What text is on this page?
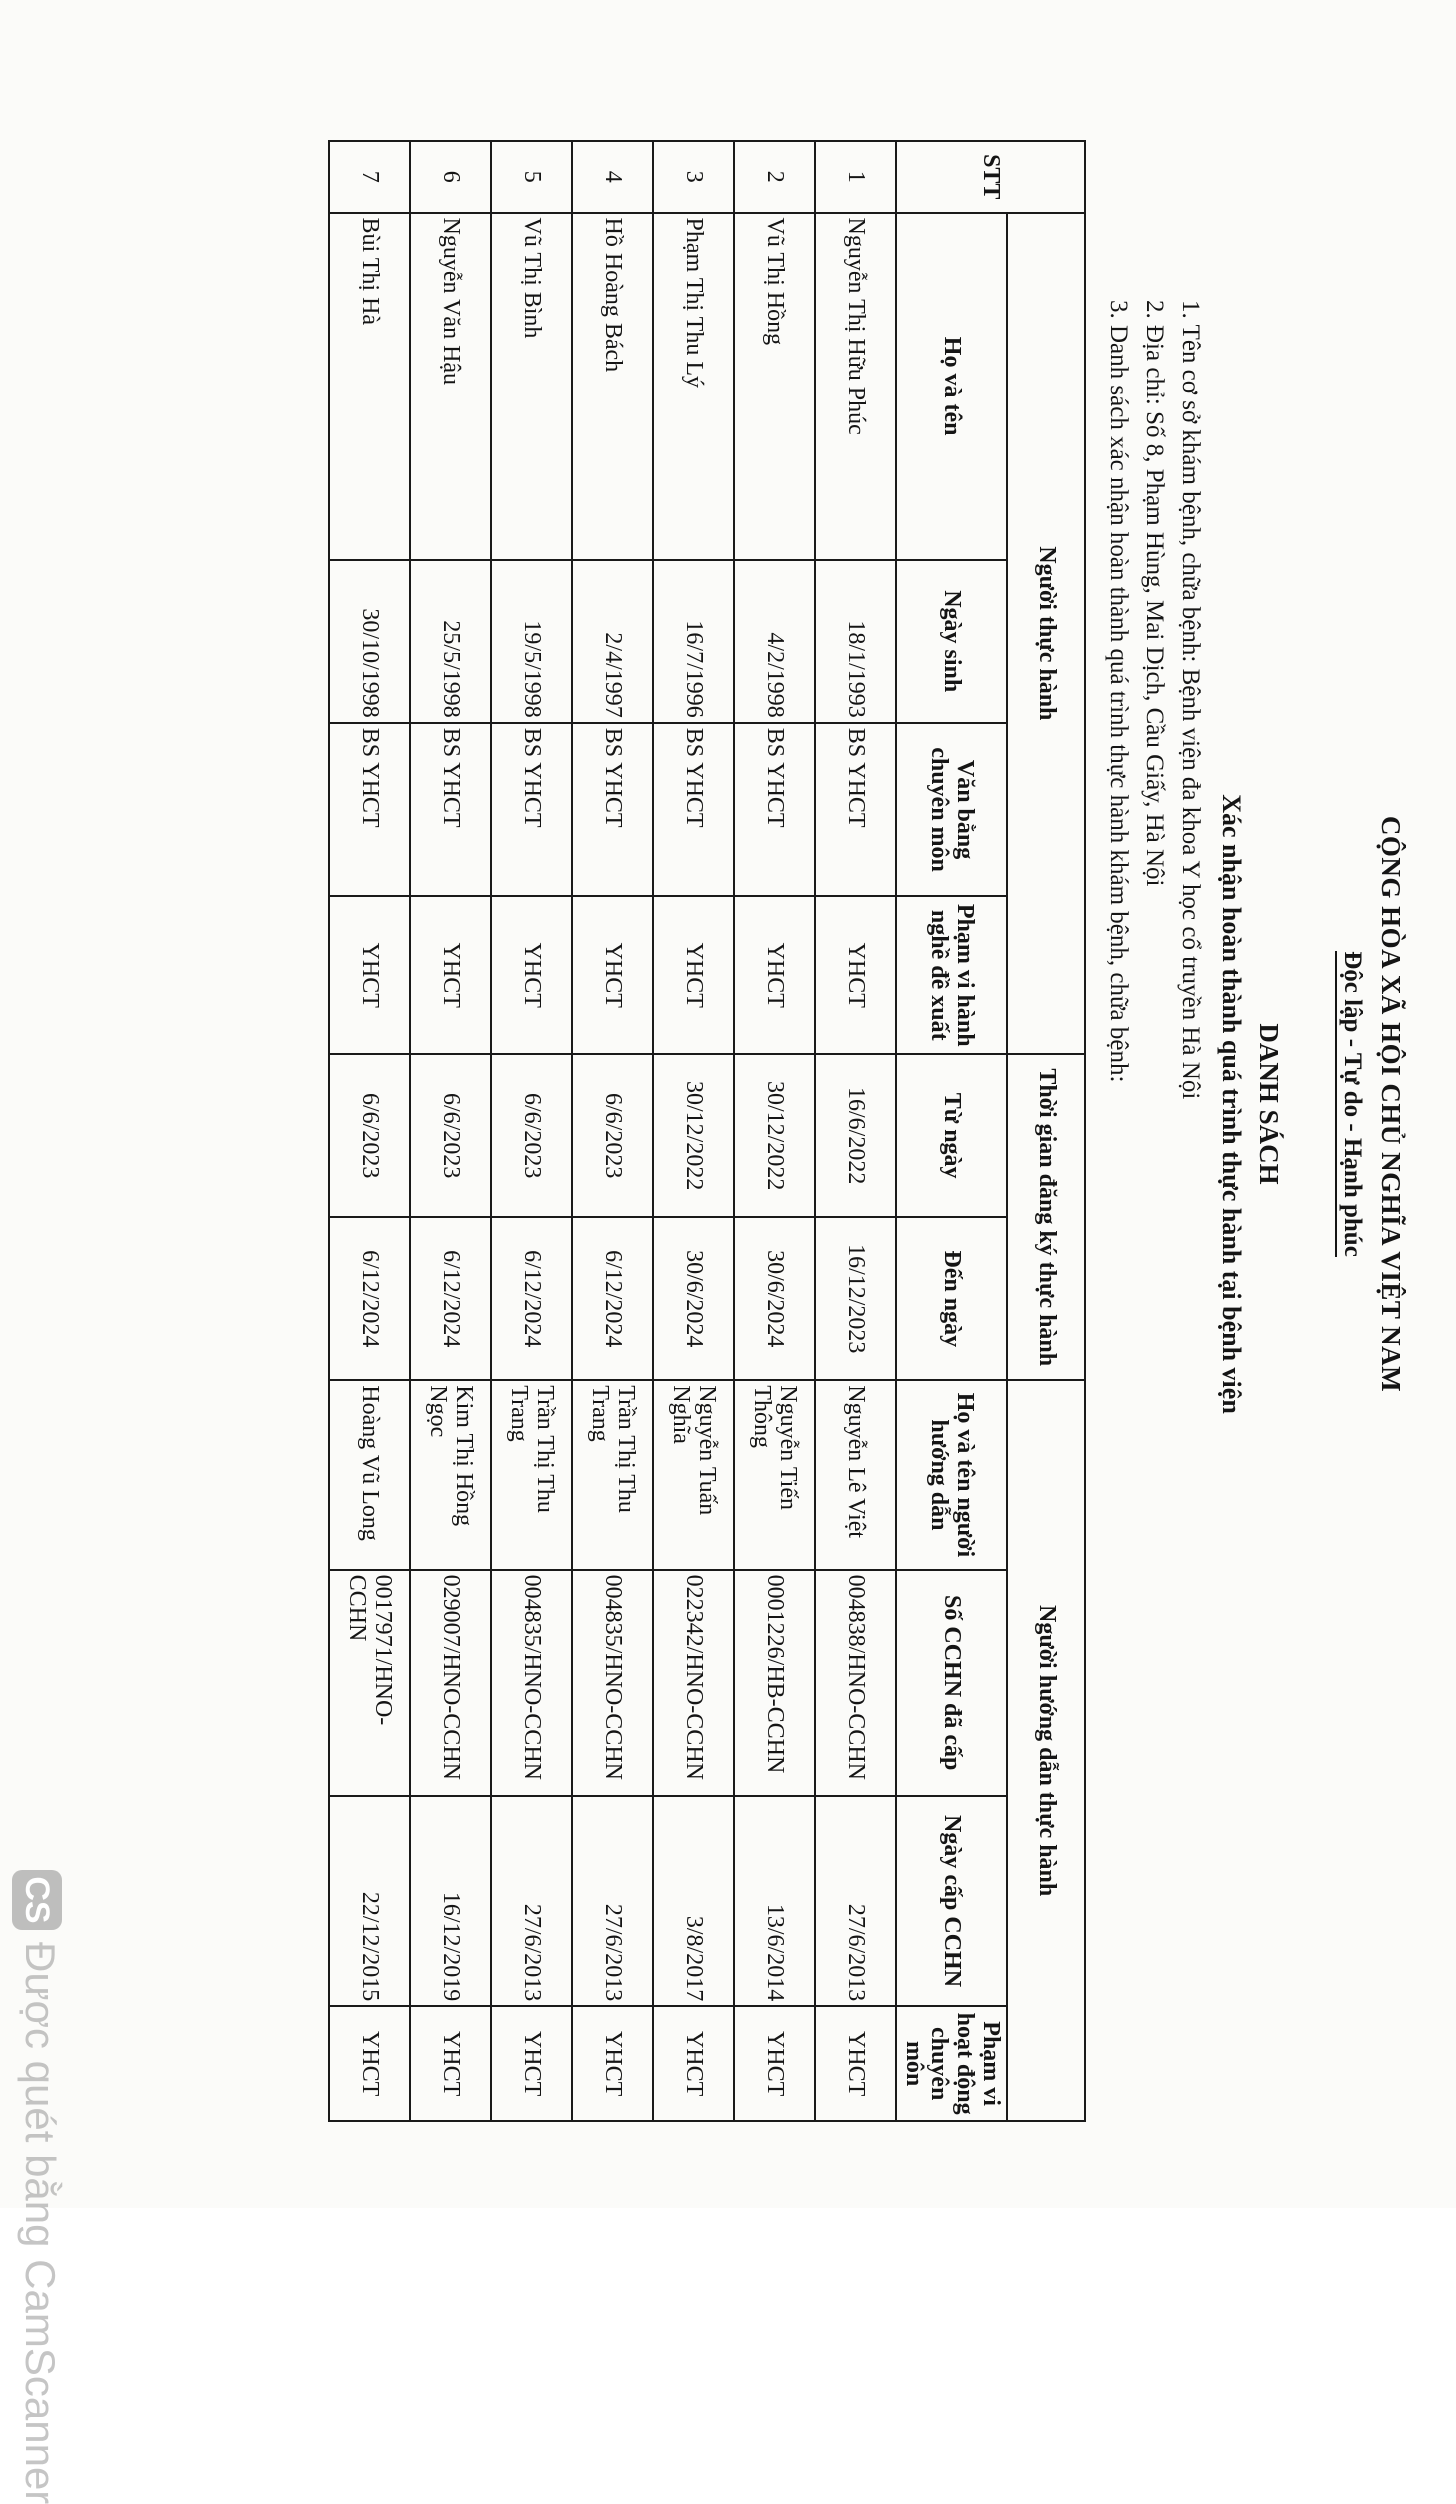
CỘNG HÒA XÃ HỘI CHỦ NGHĨA VIỆT NAM
Độc lập - Tự do - Hạnh phúc
DANH SÁCH
Xác nhận hoàn thành quá trình thực hành tại bệnh viện
1. Tên cơ sở khám bệnh, chữa bệnh: Bệnh viện đa khoa Y học cổ truyền Hà Nội
2. Địa chỉ: Số 8, Phạm Hùng, Mai Dịch, Cầu Giấy, Hà Nội
3. Danh sách xác nhận hoàn thành quá trình thực hành khám bệnh, chữa bệnh:
STT	Người thực hành				Thời gian đăng ký thực hành		Người hướng dẫn thực hành			
	Họ và tên	Ngày sinh	Văn bằng chuyên môn	Phạm vi hành nghề đề xuất	Từ ngày	Đến ngày	Họ và tên người hướng dẫn	Số CCHN đã cấp	Ngày cấp CCHN	Phạm vi hoạt động chuyên môn
1	Nguyễn Thị Hữu Phúc	18/1/1993	BS YHCT	YHCT	16/6/2022	16/12/2023	Nguyễn Lê Việt	004838/HNO-CCHN	27/6/2013	YHCT
2	Vũ Thị Hồng	4/2/1998	BS YHCT	YHCT	30/12/2022	30/6/2024	Nguyễn Tiến Thông	0001226/HB-CCHN	13/6/2014	YHCT
3	Phạm Thị Thu Lý	16/7/1996	BS YHCT	YHCT	30/12/2022	30/6/2024	Nguyễn Tuấn Nghĩa	022342/HNO-CCHN	3/8/2017	YHCT
4	Hồ Hoàng Bách	2/4/1997	BS YHCT	YHCT	6/6/2023	6/12/2024	Trần Thị Thu Trang	004835/HNO-CCHN	27/6/2013	YHCT
5	Vũ Thị Bình	19/5/1998	BS YHCT	YHCT	6/6/2023	6/12/2024	Trần Thị Thu Trang	004835/HNO-CCHN	27/6/2013	YHCT
6	Nguyễn Văn Hậu	25/5/1998	BS YHCT	YHCT	6/6/2023	6/12/2024	Kim Thị Hồng Ngọc	029007/HNO-CCHN	16/12/2019	YHCT
7	Bùi Thị Hà	30/10/1998	BS YHCT	YHCT	6/6/2023	6/12/2024	Hoàng Vũ Long	0017971/HNO-CCHN	22/12/2015	YHCT
CSĐược quét bằng CamScanner
